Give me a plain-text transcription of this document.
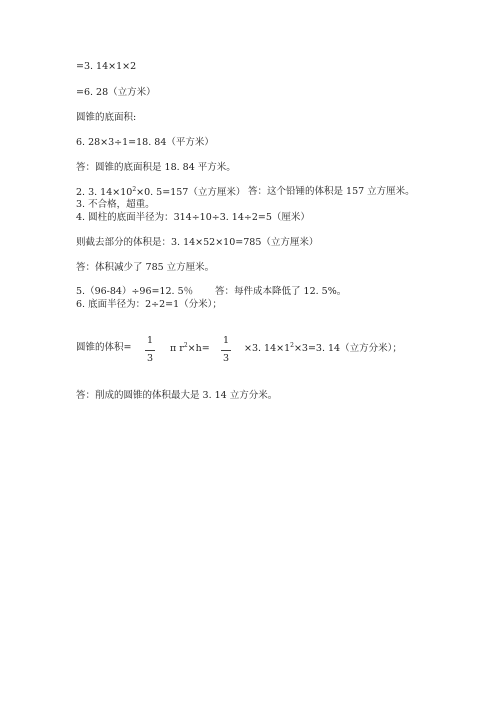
=3. 14×1×2
=6. 28（立方米）
圆锥的底面积:
6. 28×3÷1=18. 84（平方米）
答：圆锥的底面积是 18. 84 平方米。
2. 3. $14\times 10^2\times 0$. 5=157（立方厘米） 答：这个铅锤的体积是 157 立方厘米。
3. 不合格，超重。
4. 圆柱的底面半径为：314÷10÷3. 14÷2=5（厘米）
则截去部分的体积是：3. 14×52×10=785（立方厘米）
答：体积减少了 785 立方厘米。
5.（96-84）÷96=12. 5％ 答：每件成本降低了 12. 5%。
6. 底面半径为：2÷2=1（分米）；
圆锥的体积=
1
3
π $r^2\times h=$
1
3
×3. $14\times 1^2\times 3=3$. 14（立方分米）；
答：削成的圆锥的体积最大是 3. 14 立方分米。
